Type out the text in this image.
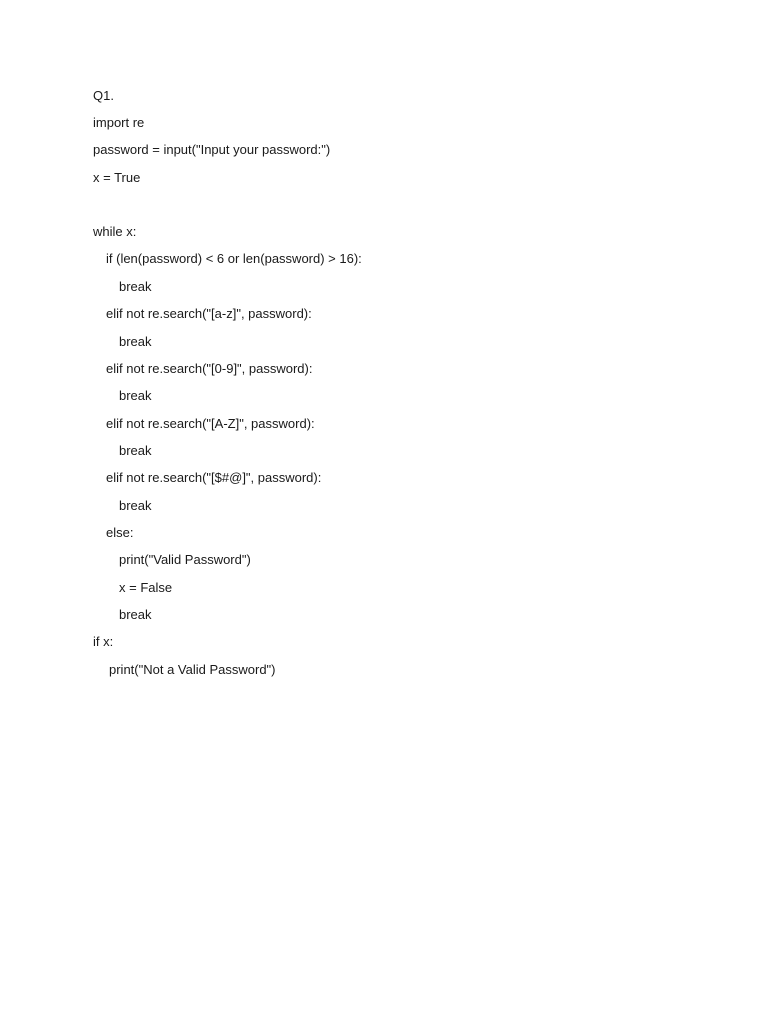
Q1.
import re
password = input("Input your password:")
x = True
while x:
if (len(password) < 6 or len(password) > 16):
break
elif not re.search("[a-z]", password):
break
elif not re.search("[0-9]", password):
break
elif not re.search("[A-Z]", password):
break
elif not re.search("[$#@]", password):
break
else:
print("Valid Password")
x = False
break
if x:
print("Not a Valid Password")
